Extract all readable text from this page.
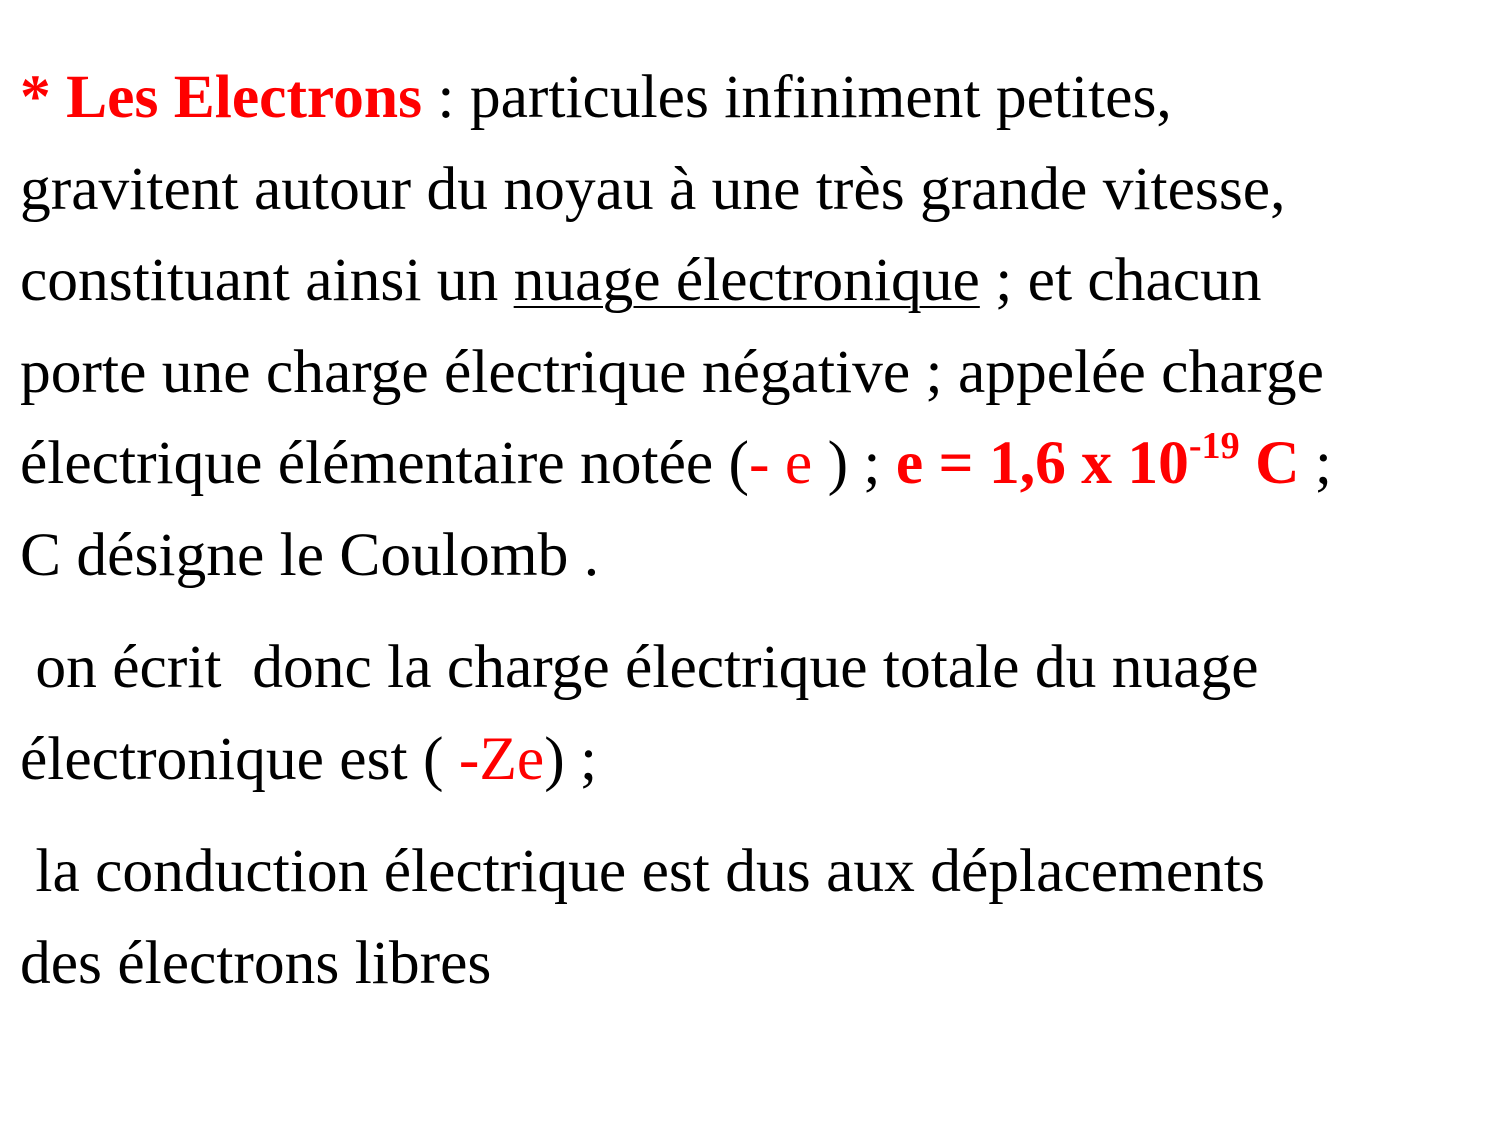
* Les Electrons : particules infiniment petites,
gravitent autour du noyau à une très grande vitesse,
constituant ainsi un nuage électronique ; et chacun
porte une charge électrique négative ; appelée charge
électrique élémentaire notée (- e ) ; e = 1,6 x $10^{-19}$ C ;
C désigne le Coulomb .

on écrit  donc la charge électrique totale du nuage
électronique est ( -Ze) ;

la conduction électrique est dus aux déplacements
des électrons libres
